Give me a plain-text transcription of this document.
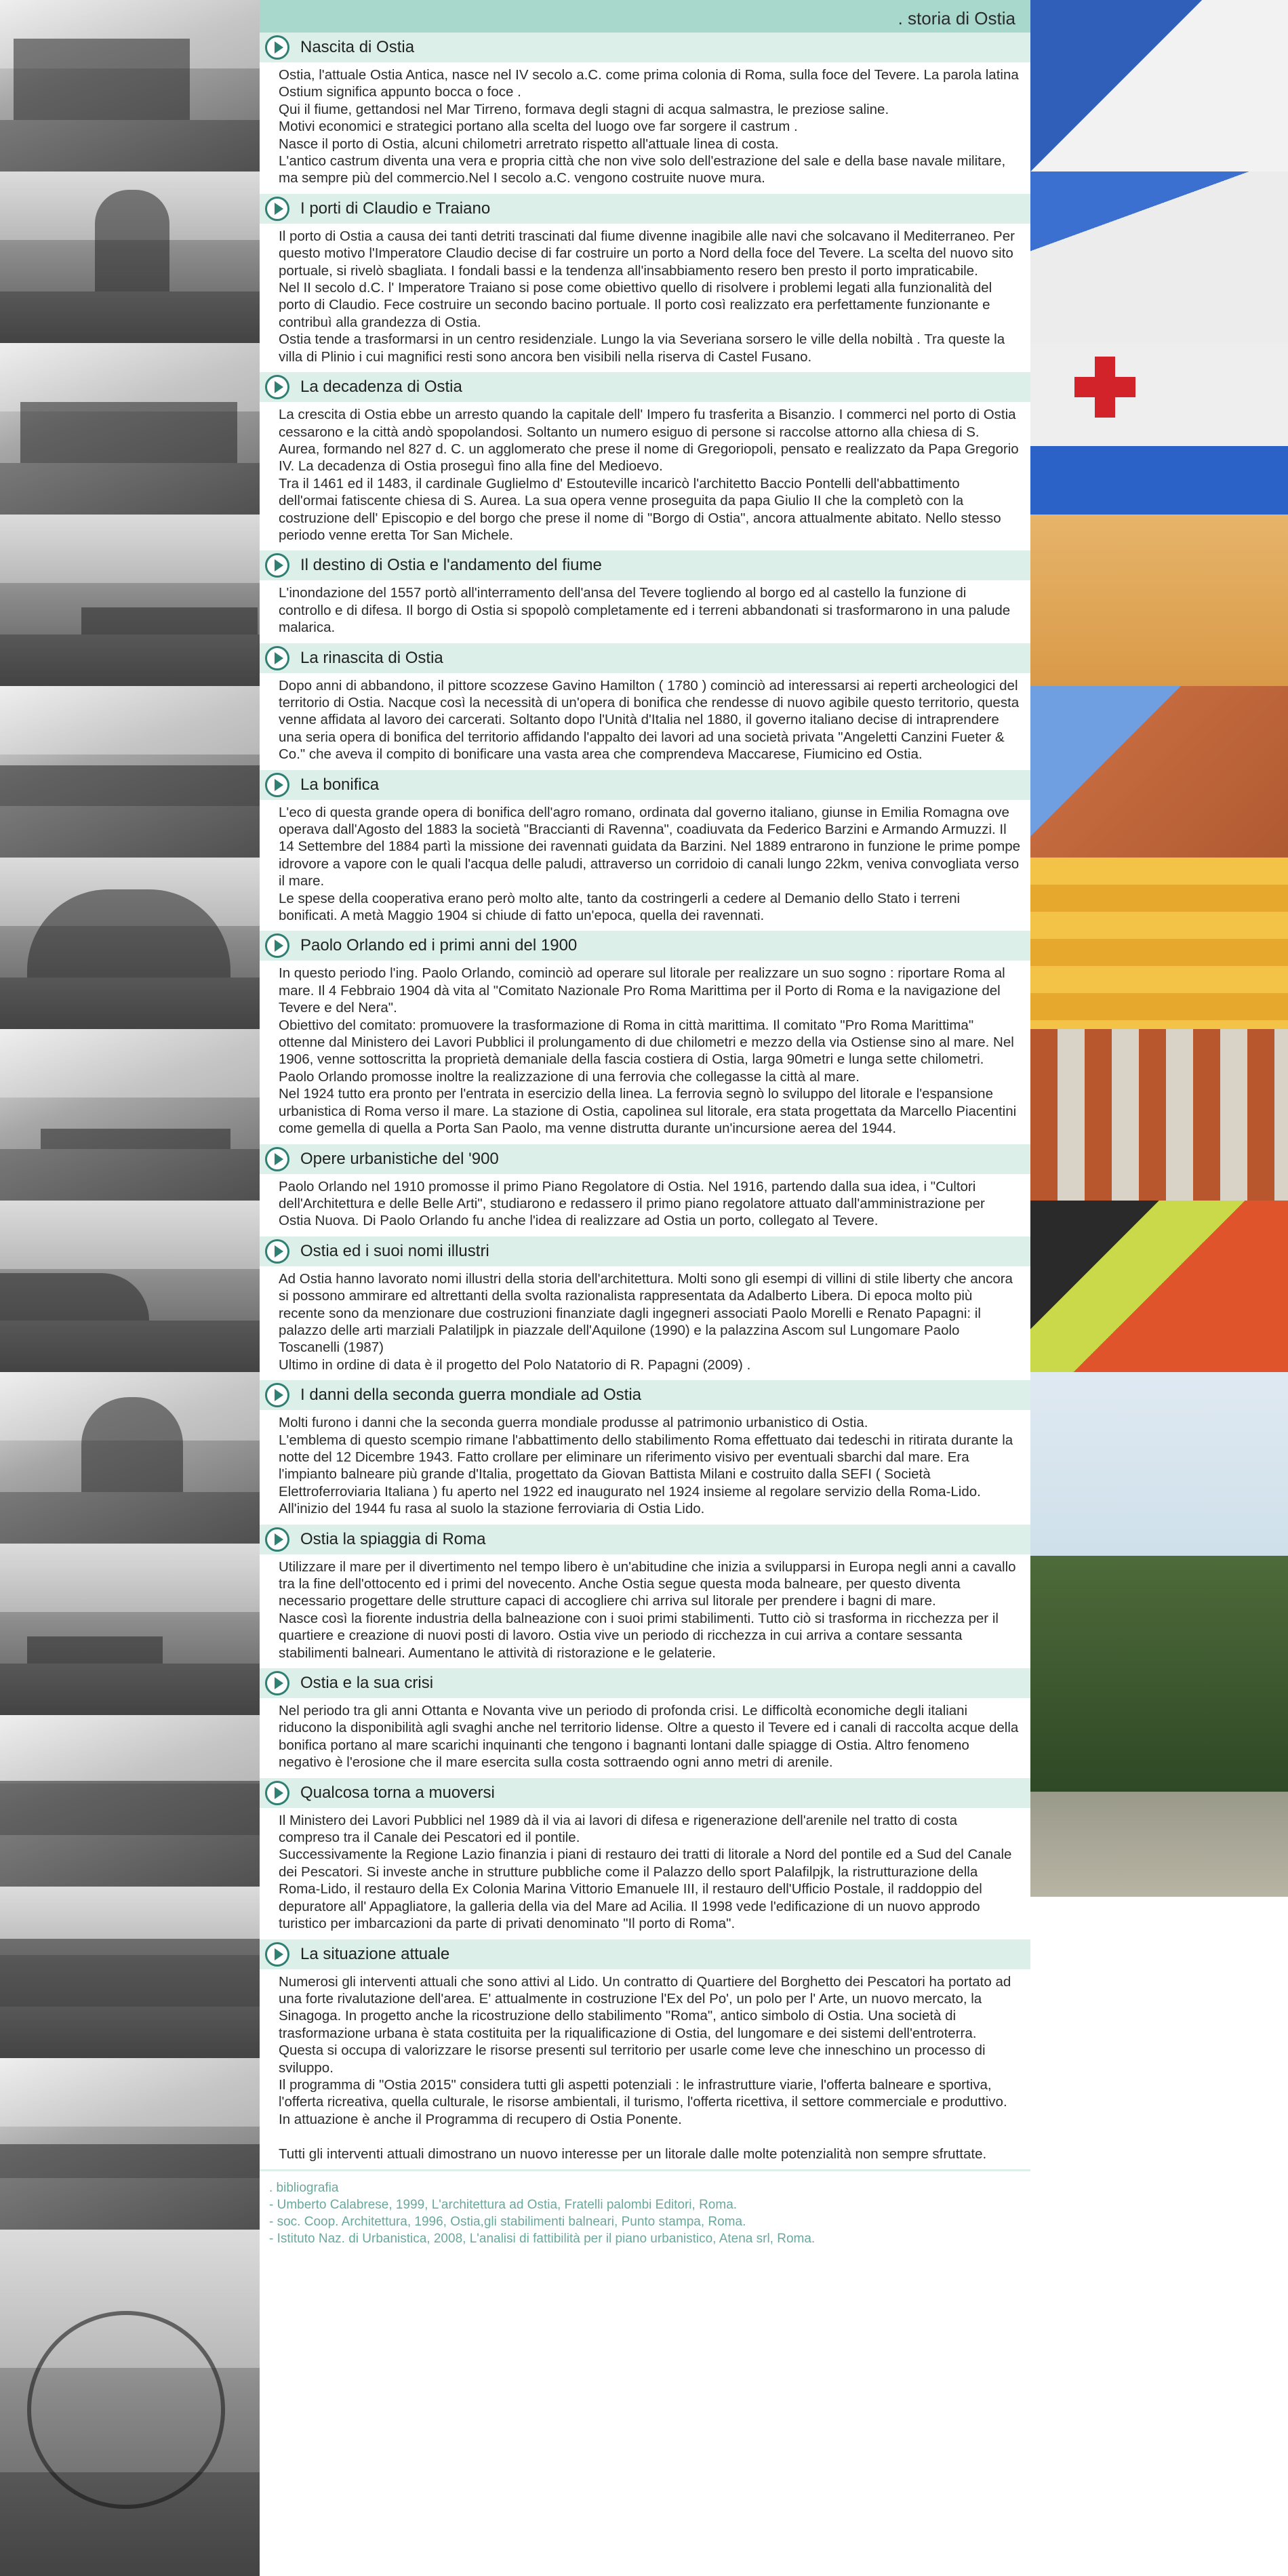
. storia di Ostia
Nascita di Ostia
Ostia, l'attuale Ostia Antica, nasce nel IV secolo a.C. come prima colonia di Roma, sulla foce del Tevere. La parola latina Ostium significa appunto bocca o foce .
Qui il fiume, gettandosi nel Mar Tirreno, formava degli stagni di acqua salmastra, le preziose saline.
Motivi economici e strategici portano alla scelta del luogo ove far sorgere il castrum .
Nasce il porto di Ostia, alcuni chilometri arretrato rispetto all'attuale linea di costa.
L'antico castrum diventa una vera e propria città che non vive solo dell'estrazione del sale e della base navale militare, ma sempre più del commercio.Nel I secolo a.C. vengono costruite nuove mura.
I porti di Claudio e Traiano
Il porto di Ostia a causa dei tanti detriti trascinati dal fiume divenne inagibile alle navi che solcavano il Mediterraneo. Per questo motivo l'Imperatore Claudio decise di far costruire un porto a Nord della foce del Tevere. La scelta del nuovo sito portuale, si rivelò sbagliata. I fondali bassi e la tendenza all'insabbiamento resero ben presto il porto impraticabile.
Nel II secolo d.C. l' Imperatore Traiano si pose come obiettivo quello di risolvere i problemi legati alla funzionalità del porto di Claudio. Fece costruire un secondo bacino portuale. Il porto così realizzato era perfettamente funzionante e contribuì alla grandezza di Ostia.
Ostia tende a trasformarsi in un centro residenziale. Lungo la via Severiana sorsero le ville della nobiltà . Tra queste la villa di Plinio i cui magnifici resti sono ancora ben visibili nella riserva di Castel Fusano.
La decadenza di Ostia
La crescita di Ostia ebbe un arresto quando la capitale dell' Impero fu trasferita a Bisanzio. I commerci nel porto di Ostia cessarono e la città andò spopolandosi. Soltanto un numero esiguo di persone si raccolse attorno alla chiesa di S. Aurea, formando nel 827 d. C. un agglomerato che prese il nome di Gregoriopoli, pensato e realizzato da Papa Gregorio IV. La decadenza di Ostia proseguì fino alla fine del Medioevo.
Tra il 1461 ed il 1483, il cardinale Guglielmo d' Estouteville incaricò l'architetto Baccio Pontelli dell'abbattimento dell'ormai fatiscente chiesa di S. Aurea. La sua opera venne proseguita da papa Giulio II che la completò con la costruzione dell' Episcopio e del borgo che prese il nome di "Borgo di Ostia", ancora attualmente abitato. Nello stesso periodo venne eretta Tor San Michele.
Il destino di Ostia e l'andamento del fiume
L'inondazione del 1557 portò all'interramento dell'ansa del Tevere togliendo al borgo ed al castello la funzione di controllo e di difesa. Il borgo di Ostia si spopolò completamente ed i terreni abbandonati si trasformarono in una palude malarica.
La rinascita di Ostia
Dopo anni di abbandono, il pittore scozzese Gavino Hamilton ( 1780 ) cominciò ad interessarsi ai reperti archeologici del territorio di Ostia. Nacque così la necessità di un'opera di bonifica che rendesse di nuovo agibile questo territorio, questa venne affidata al lavoro dei carcerati. Soltanto dopo l'Unità d'Italia nel 1880, il governo italiano decise di intraprendere una seria opera di bonifica del territorio affidando l'appalto dei lavori ad una società privata "Angeletti Canzini Fueter & Co." che aveva il compito di bonificare una vasta area che comprendeva Maccarese, Fiumicino ed Ostia.
La bonifica
L'eco di questa grande opera di bonifica dell'agro romano, ordinata dal governo italiano, giunse in Emilia Romagna ove operava dall'Agosto del 1883 la società "Braccianti di Ravenna", coadiuvata da Federico Barzini e Armando Armuzzi. Il 14 Settembre del 1884 partì la missione dei ravennati guidata da Barzini. Nel 1889 entrarono in funzione le prime pompe idrovore a vapore con le quali l'acqua delle paludi, attraverso un corridoio di canali lungo 22km, veniva convogliata verso il mare.
Le spese della cooperativa erano però molto alte, tanto da costringerli a cedere al Demanio dello Stato i terreni bonificati. A metà Maggio 1904 si chiude di fatto un'epoca, quella dei ravennati.
Paolo Orlando ed i primi anni del 1900
In questo periodo l'ing. Paolo Orlando, cominciò ad operare sul litorale per realizzare un suo sogno : riportare Roma al mare. Il 4 Febbraio 1904 dà vita al "Comitato Nazionale Pro Roma Marittima per il Porto di Roma e la navigazione del Tevere e del Nera".
Obiettivo del comitato: promuovere la trasformazione di Roma in città marittima. Il comitato "Pro Roma Marittima" ottenne dal Ministero dei Lavori Pubblici il prolungamento di due chilometri e mezzo della via Ostiense sino al mare. Nel 1906, venne sottoscritta la proprietà demaniale della fascia costiera di Ostia, larga 90metri e lunga sette chilometri. Paolo Orlando promosse inoltre la realizzazione di una ferrovia che collegasse la città al mare.
Nel 1924 tutto era pronto per l'entrata in esercizio della linea. La ferrovia segnò lo sviluppo del litorale e l'espansione urbanistica di Roma verso il mare. La stazione di Ostia, capolinea sul litorale, era stata progettata da Marcello Piacentini come gemella di quella a Porta San Paolo, ma venne distrutta durante un'incursione aerea del 1944.
Opere urbanistiche del '900
Paolo Orlando nel 1910 promosse il primo Piano Regolatore di Ostia. Nel 1916, partendo dalla sua idea, i "Cultori dell'Architettura e delle Belle Arti", studiarono e redassero il primo piano regolatore attuato dall'amministrazione per Ostia Nuova. Di Paolo Orlando fu anche l'idea di realizzare ad Ostia un porto, collegato al Tevere.
Ostia ed i suoi nomi illustri
Ad Ostia hanno lavorato nomi illustri della storia dell'architettura. Molti sono gli esempi di villini di stile liberty che ancora si possono ammirare ed altrettanti della svolta razionalista rappresentata da Adalberto Libera. Di epoca molto più recente sono da menzionare due costruzioni finanziate dagli ingegneri associati Paolo Morelli e Renato Papagni: il palazzo delle arti marziali Palatiljpk in piazzale dell'Aquilone (1990) e la palazzina Ascom sul Lungomare Paolo Toscanelli (1987)
Ultimo in ordine di data è il progetto del Polo Natatorio di R. Papagni (2009) .
I danni della seconda guerra mondiale ad Ostia
Molti furono i danni che la seconda guerra mondiale produsse al patrimonio urbanistico di Ostia.
L'emblema di questo scempio rimane l'abbattimento dello stabilimento Roma effettuato dai tedeschi in ritirata durante la notte del 12 Dicembre 1943. Fatto crollare per eliminare un riferimento visivo per eventuali sbarchi dal mare. Era l'impianto balneare più grande d'Italia, progettato da Giovan Battista Milani e costruito dalla SEFI ( Società Elettroferroviaria Italiana ) fu aperto nel 1922 ed inaugurato nel 1924 insieme al regolare servizio della Roma-Lido. All'inizio del 1944 fu rasa al suolo la stazione ferroviaria di Ostia Lido.
Ostia la spiaggia di Roma
Utilizzare il mare per il divertimento nel tempo libero è un'abitudine che inizia a svilupparsi in Europa negli anni a cavallo tra la fine dell'ottocento ed i primi del novecento. Anche Ostia segue questa moda balneare, per questo diventa necessario progettare delle strutture capaci di accogliere chi arriva sul litorale per prendere i bagni di mare.
Nasce così la fiorente industria della balneazione con i suoi primi stabilimenti. Tutto ciò si trasforma in ricchezza per il quartiere e creazione di nuovi posti di lavoro. Ostia vive un periodo di ricchezza in cui arriva a contare sessanta stabilimenti balneari. Aumentano le attività di ristorazione e le gelaterie.
Ostia e la sua crisi
Nel periodo tra gli anni Ottanta e Novanta vive un periodo di profonda crisi. Le difficoltà economiche degli italiani riducono la disponibilità agli svaghi anche nel territorio lidense. Oltre a questo il Tevere ed i canali di raccolta acque della bonifica portano al mare scarichi inquinanti che tengono i bagnanti lontani dalle spiagge di Ostia. Altro fenomeno negativo è l'erosione che il mare esercita sulla costa sottraendo ogni anno metri di arenile.
Qualcosa torna a muoversi
Il Ministero dei Lavori Pubblici nel 1989 dà il via ai lavori di difesa e rigenerazione dell'arenile nel tratto di costa compreso tra il Canale dei Pescatori ed il pontile.
Successivamente la Regione Lazio finanzia i piani di restauro dei tratti di litorale a Nord del pontile ed a Sud del Canale dei Pescatori. Si investe anche in strutture pubbliche come il Palazzo dello sport Palafilpjk, la ristrutturazione della Roma-Lido, il restauro della Ex Colonia Marina Vittorio Emanuele III, il restauro dell'Ufficio Postale, il raddoppio del depuratore all' Appagliatore, la galleria della via del Mare ad Acilia. Il 1998 vede l'edificazione di un nuovo approdo turistico per imbarcazioni da parte di privati denominato "Il porto di Roma".
La situazione attuale
Numerosi gli interventi attuali che sono attivi al Lido. Un contratto di Quartiere del Borghetto dei Pescatori ha portato ad una forte rivalutazione dell'area. E' attualmente in costruzione l'Ex del Po', un polo per l' Arte, un nuovo mercato, la Sinagoga. In progetto anche la ricostruzione dello stabilimento "Roma", antico simbolo di Ostia. Una società di trasformazione urbana è stata costituita per la riqualificazione di Ostia, del lungomare e dei sistemi dell'entroterra. Questa si occupa di valorizzare le risorse presenti sul territorio per usarle come leve che inneschino un processo di sviluppo.
Il programma di "Ostia 2015" considera tutti gli aspetti potenziali : le infrastrutture viarie, l'offerta balneare e sportiva, l'offerta ricreativa, quella culturale, le risorse ambientali, il turismo, l'offerta ricettiva, il settore commerciale e produttivo. In attuazione è anche il Programma di recupero di Ostia Ponente.

Tutti gli interventi attuali dimostrano un nuovo interesse per un litorale dalle molte potenzialità non sempre sfruttate.
. bibliografia
- Umberto Calabrese, 1999, L'architettura ad Ostia, Fratelli palombi Editori, Roma.
- soc. Coop. Architettura, 1996, Ostia,gli stabilimenti balneari, Punto stampa, Roma.
- Istituto Naz. di Urbanistica, 2008, L'analisi di fattibilità per il piano urbanistico, Atena srl, Roma.
